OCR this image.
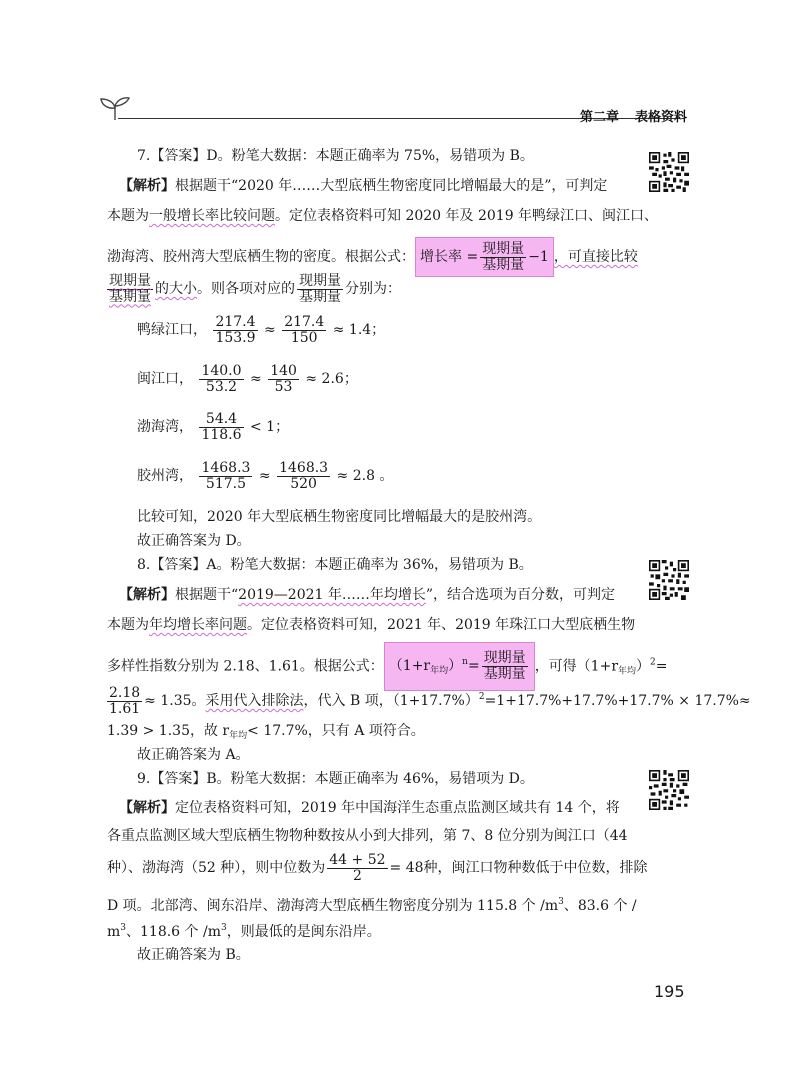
第二章 表格资料
7.【答案】D。粉笔大数据：本题正确率为 75%，易错项为 B。
【解析】根据题干“2020 年……大型底栖生物密度同比增幅最大的是”，可判定
本题为一般增长率比较问题。定位表格资料可知 2020 年及 2019 年鸭绿江口、闽江口、
渤海湾、胶州湾大型底栖生物的密度。根据公式： 增长率 = $\frac{\text{现期量}}{\text{基期量}} -1$ ，可直接比较
$\frac{\text{现期量}}{\text{基期量}}$ 的大小。则各项对应的 $\frac{\text{现期量}}{\text{基期量}}$ 分别为：
鸭绿江口， $\frac{217.4}{153.9} \approx \frac{217.4}{150} \approx 1.4$；
闽江口， $\frac{140.0}{53.2} \approx \frac{140}{53} \approx 2.6$；
渤海湾， $\frac{54.4}{118.6} < 1$；
胶州湾， $\frac{1468.3}{517.5} \approx \frac{1468.3}{520} \approx 2.8$ 。
比较可知，2020 年大型底栖生物密度同比增幅最大的是胶州湾。
故正确答案为 D。
8.【答案】A。粉笔大数据：本题正确率为 36%，易错项为 B。
【解析】根据题干“2019—2021 年……年均增长”，结合选项为百分数，可判定
本题为年均增长率问题。定位表格资料可知，2021 年、2019 年珠江口大型底栖生物
多样性指数分别为 2.18、1.61。根据公式： $(1+r_{年均})^n= \frac{\text{现期量}}{\text{基期量}}$ ，可得$(1+r_{年均})^2=$
$\frac{2.18}{1.61} \approx 1.35$。采用代入排除法，代入 B 项，$(1+17.7\%)^2=1+17.7\%+17.7\%+17.7\% \times 17.7\%\approx$
1.39 > 1.35，故 $r_{年均}< 17.7\%$，只有 A 项符合。
故正确答案为 A。
9.【答案】B。粉笔大数据：本题正确率为 46%，易错项为 D。
【解析】定位表格资料可知，2019 年中国海洋生态重点监测区域共有 14 个，将
各重点监测区域大型底栖生物物种数按从小到大排列，第 7、8 位分别为闽江口（44
种）、渤海湾（52 种），则中位数为 $\frac{44 + 52}{2} = 48$种，闽江口物种数低于中位数，排除
D 项。北部湾、闽东沿岸、渤海湾大型底栖生物密度分别为 115.8 个 $/m^3$、83.6 个 /
$m^3$、118.6 个 $/m^3$，则最低的是闽东沿岸。
故正确答案为 B。
195
